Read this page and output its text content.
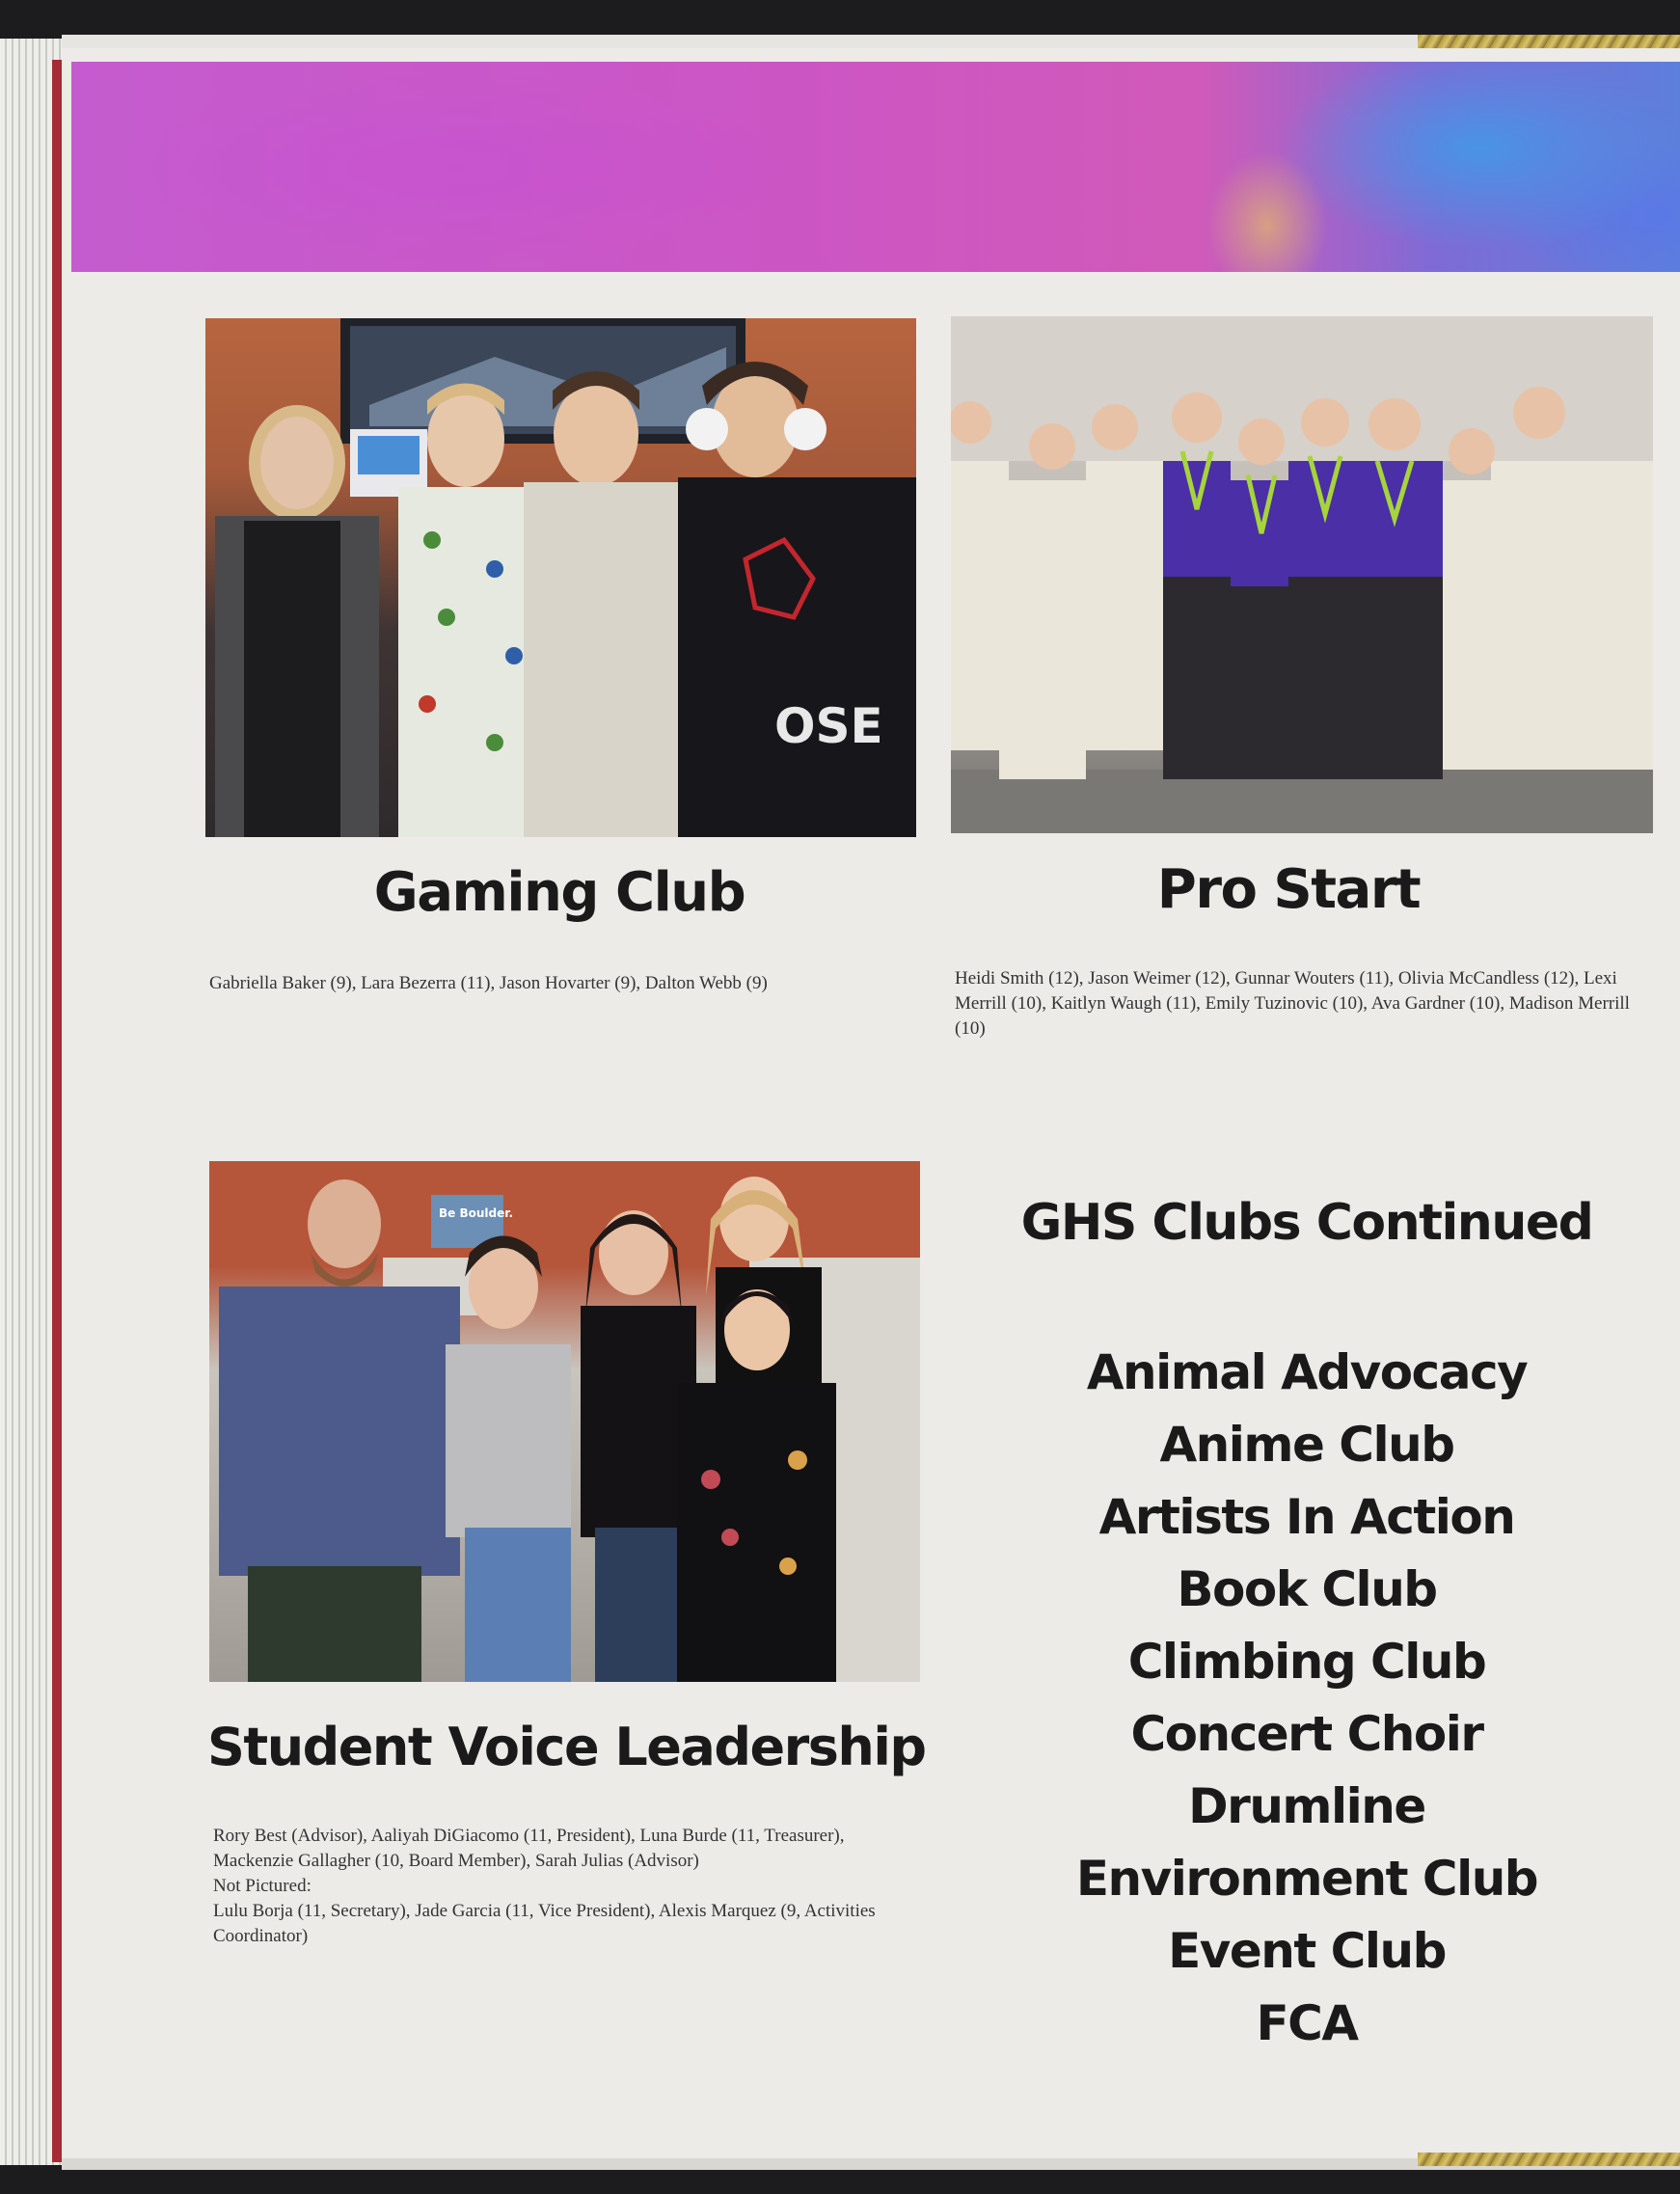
OSE
Be Boulder.
Gaming Club

Gabriella Baker (9), Lara Bezerra (11), Jason Hovarter (9), Dalton Webb (9)

Pro Start

Heidi Smith (12), Jason Weimer (12), Gunnar Wouters (11), Olivia McCandless (12), Lexi Merrill (10), Kaitlyn Waugh (11), Emily Tuzinovic (10), Ava Gardner (10), Madison Merrill (10)

Student Voice Leadership
Rory Best (Advisor), Aaliyah DiGiacomo (11, President), Luna Burde (11, Treasurer), Mackenzie Gallagher (10, Board Member), Sarah Julias (Advisor)
Not Pictured:
Lulu Borja (11, Secretary), Jade Garcia (11, Vice President), Alexis Marquez (9, Activities Coordinator)
GHS Clubs Continued
Animal Advocacy
Anime Club
Artists In Action
Book Club
Climbing Club
Concert Choir
Drumline
Environment Club
Event Club
FCA
